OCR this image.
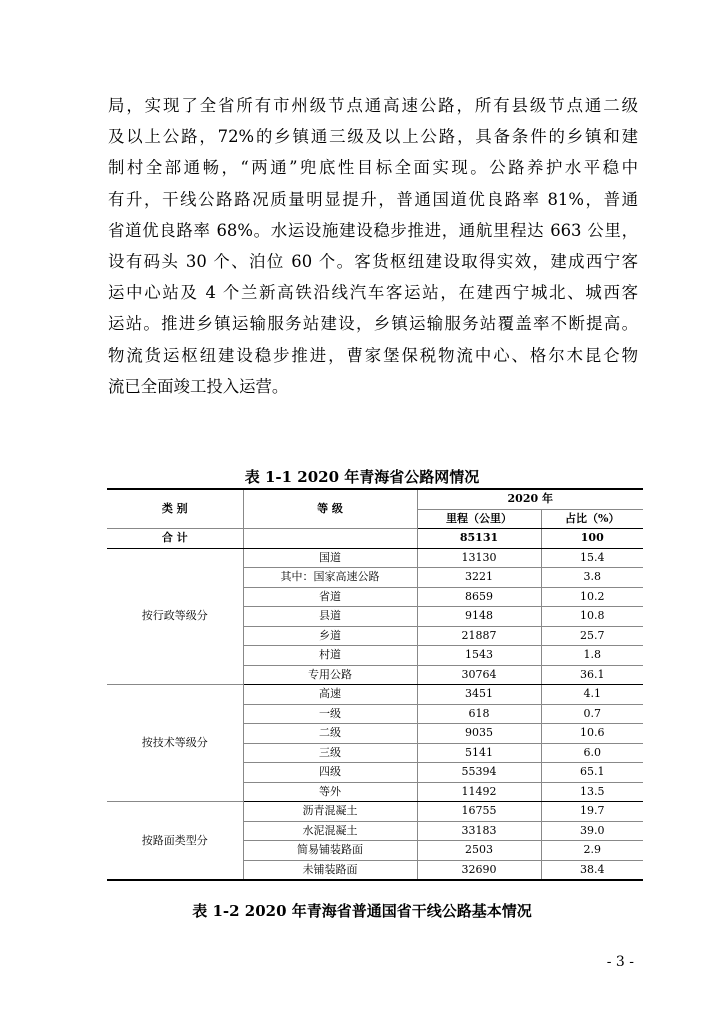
局，实现了全省所有市州级节点通高速公路，所有县级节点通二级
及以上公路，72%的乡镇通三级及以上公路，具备条件的乡镇和建
制村全部通畅，“两通”兜底性目标全面实现。公路养护水平稳中
有升，干线公路路况质量明显提升，普通国道优良路率 81%，普通
省道优良路率 68%。水运设施建设稳步推进，通航里程达 663 公里，
设有码头 30 个、泊位 60 个。客货枢纽建设取得实效，建成西宁客
运中心站及 4 个兰新高铁沿线汽车客运站，在建西宁城北、城西客
运站。推进乡镇运输服务站建设，乡镇运输服务站覆盖率不断提高。
物流货运枢纽建设稳步推进，曹家堡保税物流中心、格尔木昆仑物
流已全面竣工投入运营。
表 1-1 2020 年青海省公路网情况
类 别	等 级	2020 年	
		里程（公里）	占比（%）
合 计		85131	100
按行政等级分	国道	13130	15.4
	其中：国家高速公路	3221	3.8
	省道	8659	10.2
	县道	9148	10.8
	乡道	21887	25.7
	村道	1543	1.8
	专用公路	30764	36.1
按技术等级分	高速	3451	4.1
	一级	618	0.7
	二级	9035	10.6
	三级	5141	6.0
	四级	55394	65.1
	等外	11492	13.5
按路面类型分	沥青混凝土	16755	19.7
	水泥混凝土	33183	39.0
	简易铺装路面	2503	2.9
	未铺装路面	32690	38.4
表 1-2 2020 年青海省普通国省干线公路基本情况
- 3 -
